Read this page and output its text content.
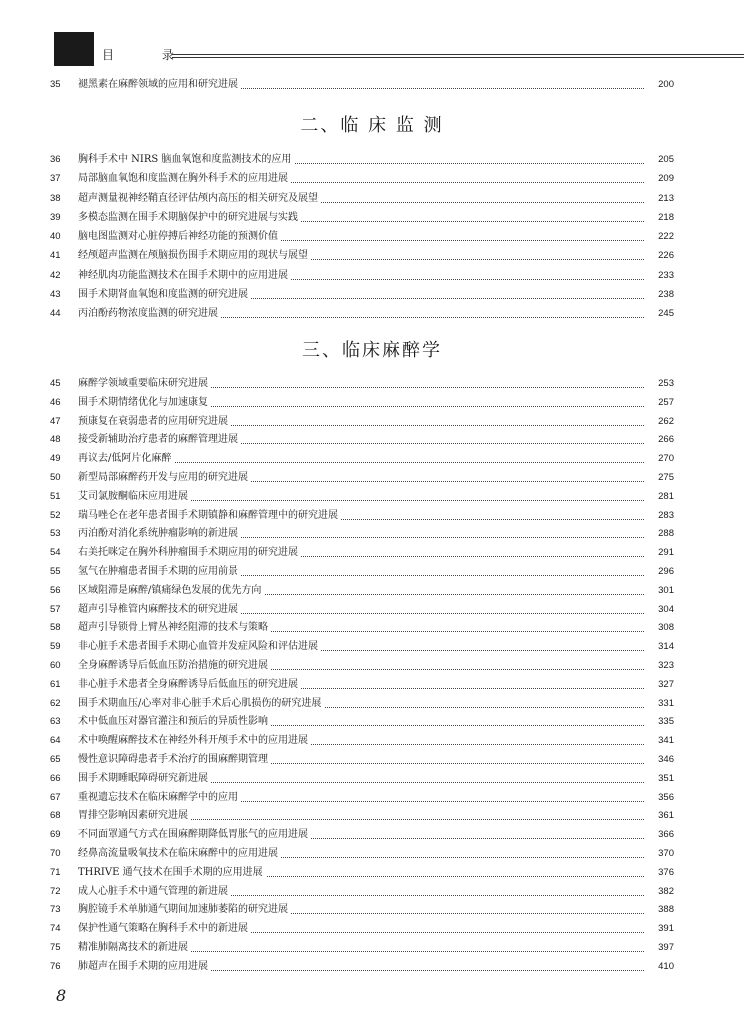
目 录
二、临 床 监 测
三、临床麻醉学
35	褪黑素在麻醉领域的应用和研究进展	200
36	胸科手术中 NIRS 脑血氧饱和度监测技术的应用	205
37	局部脑血氧饱和度监测在胸外科手术的应用进展	209
38	超声测量视神经鞘直径评估颅内高压的相关研究及展望	213
39	多模态监测在围手术期脑保护中的研究进展与实践	218
40	脑电图监测对心脏停搏后神经功能的预测价值	222
41	经颅超声监测在颅脑损伤围手术期应用的现状与展望	226
42	神经肌肉功能监测技术在围手术期中的应用进展	233
43	围手术期肾血氧饱和度监测的研究进展	238
44	丙泊酚药物浓度监测的研究进展	245
45	麻醉学领域重要临床研究进展	253
46	围手术期情绪优化与加速康复	257
47	预康复在衰弱患者的应用研究进展	262
48	接受新辅助治疗患者的麻醉管理进展	266
49	再议去/低阿片化麻醉	270
50	新型局部麻醉药开发与应用的研究进展	275
51	艾司氯胺酮临床应用进展	281
52	瑞马唑仑在老年患者围手术期镇静和麻醉管理中的研究进展	283
53	丙泊酚对消化系统肿瘤影响的新进展	288
54	右美托咪定在胸外科肿瘤围手术期应用的研究进展	291
55	氢气在肿瘤患者围手术期的应用前景	296
56	区域阻滞是麻醉/镇痛绿色发展的优先方向	301
57	超声引导椎管内麻醉技术的研究进展	304
58	超声引导锁骨上臂丛神经阻滞的技术与策略	308
59	非心脏手术患者围手术期心血管并发症风险和评估进展	314
60	全身麻醉诱导后低血压防治措施的研究进展	323
61	非心脏手术患者全身麻醉诱导后低血压的研究进展	327
62	围手术期血压/心率对非心脏手术后心肌损伤的研究进展	331
63	术中低血压对器官灌注和预后的异质性影响	335
64	术中唤醒麻醉技术在神经外科开颅手术中的应用进展	341
65	慢性意识障碍患者手术治疗的围麻醉期管理	346
66	围手术期睡眠障碍研究新进展	351
67	重视遗忘技术在临床麻醉学中的应用	356
68	胃排空影响因素研究进展	361
69	不同面罩通气方式在围麻醉期降低胃胀气的应用进展	366
70	经鼻高流量吸氧技术在临床麻醉中的应用进展	370
71	THRIVE 通气技术在围手术期的应用进展	376
72	成人心脏手术中通气管理的新进展	382
73	胸腔镜手术单肺通气期间加速肺萎陷的研究进展	388
74	保护性通气策略在胸科手术中的新进展	391
75	精准肺隔离技术的新进展	397
76	肺超声在围手术期的应用进展	410
8
